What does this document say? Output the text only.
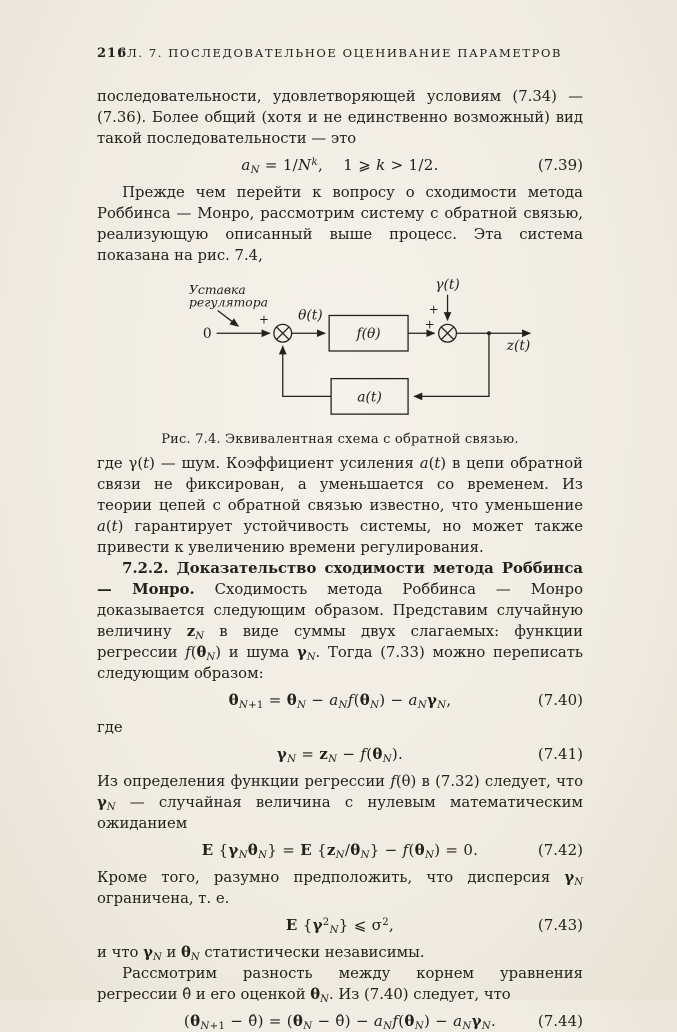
216
ГЛ. 7. ПОСЛЕДОВАТЕЛЬНОЕ ОЦЕНИВАНИЕ ПАРАМЕТРОВ

последовательности, удовлетворяющей условиям (7.34) — (7.36). Более общий (хотя и не единственно возможный) вид такой последовательности — это

$a_N = 1/N^k$,    1 ⩾ k > 1/2.	(7.39)

Прежде чем перейти к вопросу о сходимости метода Роббинса — Монро, рассмотрим систему с обратной связью, реализующую описанный выше процесс. Эта система показана на рис. 7.4,

Уставка
регулятора
0
θ(t)
f(θ)
γ(t)
z(t)
a(t)
+
+
+
Рис. 7.4. Эквивалентная схема с обратной связью.

где γ(t) — шум. Коэффициент усиления a(t) в цепи обратной связи не фиксирован, а уменьшается со временем. Из теории цепей с обратной связью известно, что уменьшение a(t) гарантирует устойчивость системы, но может также привести к увеличению времени регулирования.

7.2.2. Доказательство сходимости метода Роббинса — Монро. Сходимость метода Роббинса — Монро доказывается следующим образом. Представим случайную величину $z_N$ в виде суммы двух слагаемых: функции регрессии $f(\theta_N)$ и шума $\gamma_N$. Тогда (7.33) можно переписать следующим образом:

$\theta_{N+1} = \theta_N - a_Nf(\theta_N) - a_N\gamma_N$,	(7.40)

где

$\gamma_N = z_N - f(\theta_N)$.	(7.41)

Из определения функции регрессии f(θ) в (7.32) следует, что $\gamma_N$ — случайная величина с нулевым математическим ожиданием

E $\{\gamma_N\theta_N\} = E$ $\{z_N/\theta_N\} - f(\theta_N) = 0$.	(7.42)

Кроме того, разумно предположить, что дисперсия $\gamma_N$ ограничена, т. е.

E $\{\gamma^2_N\}$ ⩽ $\sigma^2$,	(7.43)

и что $\gamma_N$ и $\theta_N$ статистически независимы.

Рассмотрим разность между корнем уравнения регрессии θ̂ и его оценкой $\theta_N$. Из (7.40) следует, что

($\theta_{N+1}$ − θ̂) = ($\theta_N$ − θ̂) − $a_Nf(\theta_N) - a_N\gamma_N$.	(7.44)
